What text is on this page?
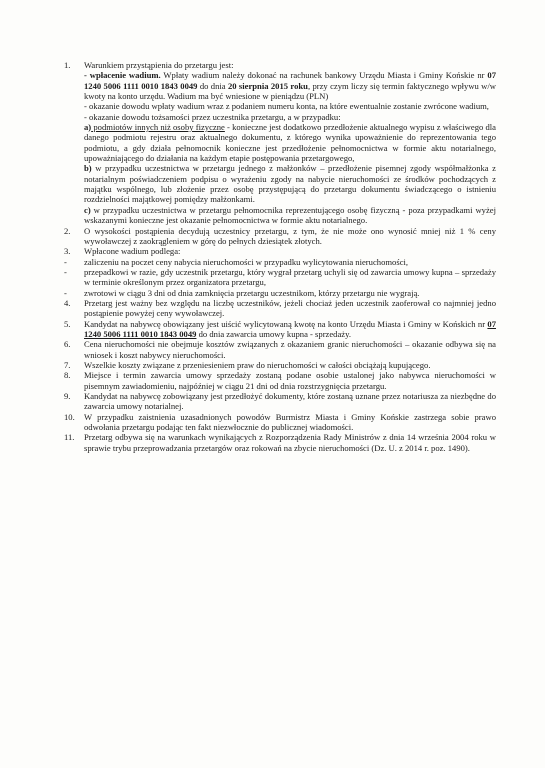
1.	Warunkiem przystąpienia do przetargu jest:

- wpłacenie wadium. Wpłaty wadium należy dokonać na rachunek bankowy Urzędu Miasta i Gminy Końskie nr 07 1240 5006 1111 0010 1843 0049 do dnia 20 sierpnia 2015 roku, przy czym liczy się termin faktycznego wpływu w/w kwoty na konto urzędu. Wadium ma być wniesione w pieniądzu (PLN)

- okazanie dowodu wpłaty wadium wraz z podaniem numeru konta, na które ewentualnie zostanie zwrócone wadium,

- okazanie dowodu tożsamości przez uczestnika przetargu, a w przypadku:

a) podmiotów innych niż osoby fizyczne - konieczne jest dodatkowo przedłożenie aktualnego wypisu z właściwego dla danego podmiotu rejestru oraz aktualnego dokumentu, z którego wynika upoważnienie do reprezentowania tego podmiotu, a gdy działa pełnomocnik konieczne jest przedłożenie pełnomocnictwa w formie aktu notarialnego, upoważniającego do działania na każdym etapie postępowania przetargowego,

b) w przypadku uczestnictwa w przetargu jednego z małżonków – przedłożenie pisemnej zgody współmałżonka z notarialnym poświadczeniem podpisu o wyrażeniu zgody na nabycie nieruchomości ze środków pochodzących z majątku wspólnego, lub złożenie przez osobę przystępującą do przetargu dokumentu świadczącego o istnieniu rozdzielności majątkowej pomiędzy małżonkami.

c) w przypadku uczestnictwa w przetargu pełnomocnika reprezentującego osobę fizyczną - poza przypadkami wyżej wskazanymi konieczne jest okazanie pełnomocnictwa w formie aktu notarialnego.

2.	O wysokości postąpienia decydują uczestnicy przetargu, z tym, że nie może ono wynosić mniej niż 1 % ceny wywoławczej z zaokrągleniem w górę do pełnych dziesiątek złotych.
3.	Wpłacone wadium podlega:
-	zaliczeniu na poczet ceny nabycia nieruchomości w przypadku wylicytowania nieruchomości,
-	przepadkowi w razie, gdy uczestnik przetargu, który wygrał przetarg uchyli się od zawarcia umowy kupna – sprzedaży w terminie określonym przez organizatora przetargu,
-	zwrotowi w ciągu 3 dni od dnia zamknięcia przetargu uczestnikom, którzy przetargu nie wygrają.
4.	Przetarg jest ważny bez względu na liczbę uczestników, jeżeli chociaż jeden uczestnik zaoferował co najmniej jedno postąpienie powyżej ceny wywoławczej.
5.	Kandydat na nabywcę obowiązany jest uiścić wylicytowaną kwotę na konto Urzędu Miasta i Gminy w Końskich nr 07 1240 5006 1111 0010 1843 0049 do dnia zawarcia umowy kupna - sprzedaży.
6.	Cena nieruchomości nie obejmuje kosztów związanych z okazaniem granic nieruchomości – okazanie odbywa się na wniosek i koszt nabywcy nieruchomości.
7.	Wszelkie koszty związane z przeniesieniem praw do nieruchomości w całości obciążają kupującego.
8.	Miejsce i termin zawarcia umowy sprzedaży zostaną podane osobie ustalonej jako nabywca nieruchomości w pisemnym zawiadomieniu, najpóźniej w ciągu 21 dni od dnia rozstrzygnięcia przetargu.
9.	Kandydat na nabywcę zobowiązany jest przedłożyć dokumenty, które zostaną uznane przez notariusza za niezbędne do zawarcia umowy notarialnej.
10.	W przypadku zaistnienia uzasadnionych powodów Burmistrz Miasta i Gminy Końskie zastrzega sobie prawo odwołania przetargu podając ten fakt niezwłocznie do publicznej wiadomości.
11.	Przetarg odbywa się na warunkach wynikających z Rozporządzenia Rady Ministrów z dnia 14 września 2004 roku w sprawie trybu przeprowadzania przetargów oraz rokowań na zbycie nieruchomości (Dz. U. z 2014 r. poz. 1490).
